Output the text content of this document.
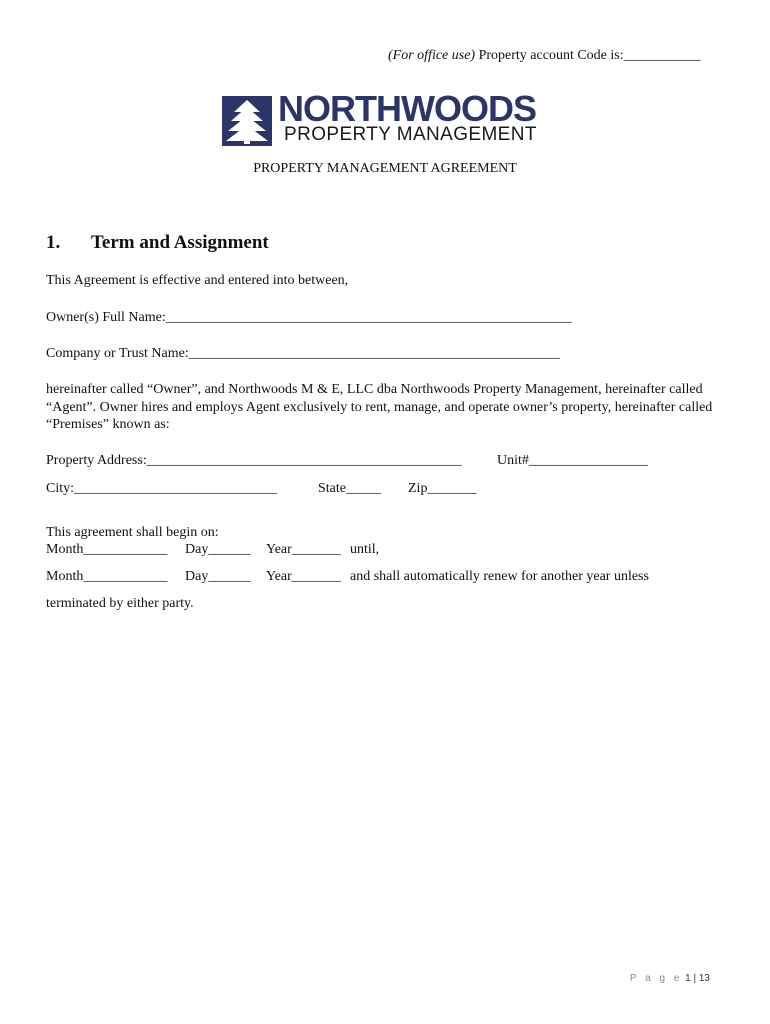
(For office use) Property account Code is:___________
NORTHWOODS
PROPERTY MANAGEMENT
PROPERTY MANAGEMENT AGREEMENT
1. Term and Assignment
This Agreement is effective and entered into between,
Owner(s) Full Name:__________________________________________________________
Company or Trust Name:_____________________________________________________
hereinafter called “Owner”, and Northwoods M & E, LLC dba Northwoods Property Management, hereinafter called “Agent”. Owner hires and employs Agent exclusively to rent, manage, and operate owner’s property, hereinafter called “Premises” known as:
Property Address:_____________________________________________	Unit#_________________
City:_____________________________	State_____ Zip_______
This agreement shall begin on:
Month____________ Day______ Year_______ until,
Month____________ Day______ Year_______ and shall automatically renew for another year unless
terminated by either party.
P a g e 1 | 13
